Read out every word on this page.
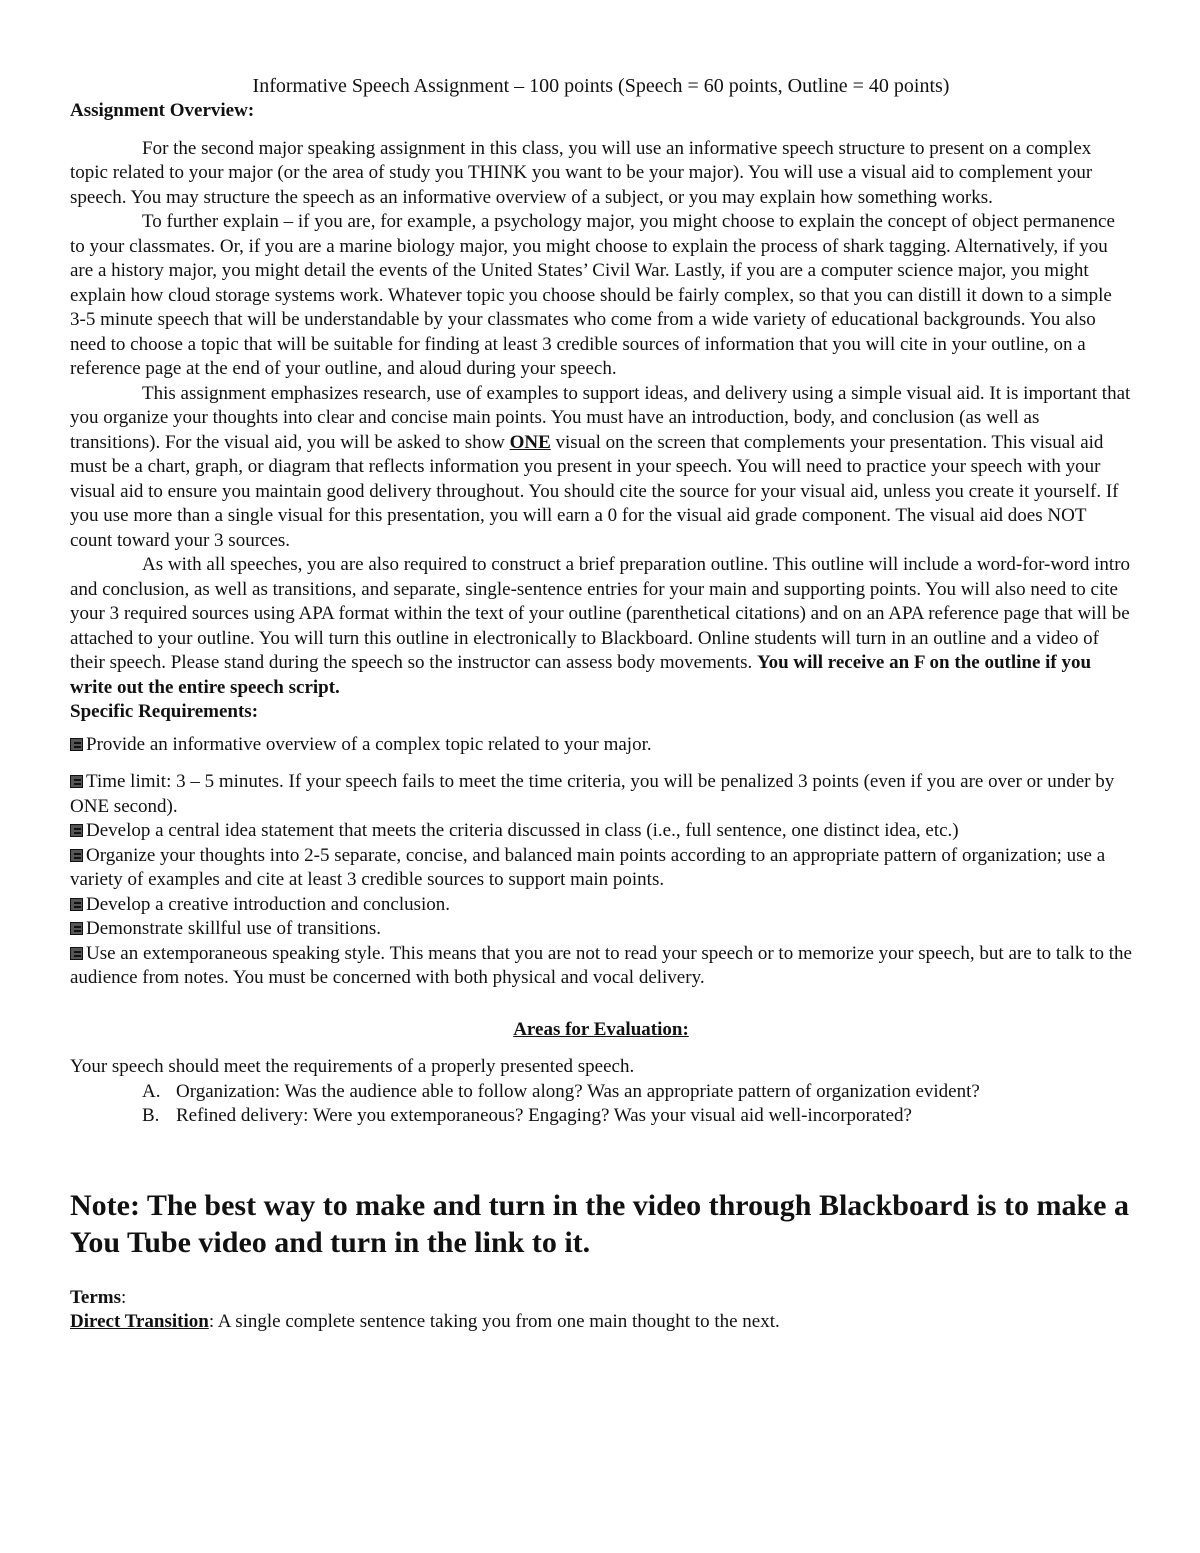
Informative Speech Assignment – 100 points (Speech = 60 points, Outline = 40 points)

Assignment Overview:

For the second major speaking assignment in this class, you will use an informative speech structure to present on a complex topic related to your major (or the area of study you THINK you want to be your major). You will use a visual aid to complement your speech. You may structure the speech as an informative overview of a subject, or you may explain how something works.

To further explain – if you are, for example, a psychology major, you might choose to explain the concept of object permanence to your classmates. Or, if you are a marine biology major, you might choose to explain the process of shark tagging. Alternatively, if you are a history major, you might detail the events of the United States’ Civil War. Lastly, if you are a computer science major, you might explain how cloud storage systems work. Whatever topic you choose should be fairly complex, so that you can distill it down to a simple 3-5 minute speech that will be understandable by your classmates who come from a wide variety of educational backgrounds. You also need to choose a topic that will be suitable for finding at least 3 credible sources of information that you will cite in your outline, on a reference page at the end of your outline, and aloud during your speech.

This assignment emphasizes research, use of examples to support ideas, and delivery using a simple visual aid. It is important that you organize your thoughts into clear and concise main points. You must have an introduction, body, and conclusion (as well as transitions). For the visual aid, you will be asked to show ONE visual on the screen that complements your presentation. This visual aid must be a chart, graph, or diagram that reflects information you present in your speech. You will need to practice your speech with your visual aid to ensure you maintain good delivery throughout. You should cite the source for your visual aid, unless you create it yourself. If you use more than a single visual for this presentation, you will earn a 0 for the visual aid grade component. The visual aid does NOT count toward your 3 sources.

As with all speeches, you are also required to construct a brief preparation outline. This outline will include a word-for-word intro and conclusion, as well as transitions, and separate, single-sentence entries for your main and supporting points. You will also need to cite your 3 required sources using APA format within the text of your outline (parenthetical citations) and on an APA reference page that will be attached to your outline. You will turn this outline in electronically to Blackboard. Online students will turn in an outline and a video of their speech. Please stand during the speech so the instructor can assess body movements. You will receive an F on the outline if you write out the entire speech script.

Specific Requirements:

Provide an informative overview of a complex topic related to your major.
Time limit: 3 – 5 minutes. If your speech fails to meet the time criteria, you will be penalized 3 points (even if you are over or under by ONE second).
Develop a central idea statement that meets the criteria discussed in class (i.e., full sentence, one distinct idea, etc.)
Organize your thoughts into 2-5 separate, concise, and balanced main points according to an appropriate pattern of organization; use a variety of examples and cite at least 3 credible sources to support main points.
Develop a creative introduction and conclusion.
Demonstrate skillful use of transitions.
Use an extemporaneous speaking style. This means that you are not to read your speech or to memorize your speech, but are to talk to the audience from notes. You must be concerned with both physical and vocal delivery.

Areas for Evaluation:

Your speech should meet the requirements of a properly presented speech.

A. Organization: Was the audience able to follow along? Was an appropriate pattern of organization evident?
B. Refined delivery: Were you extemporaneous? Engaging? Was your visual aid well-incorporated?

Note: The best way to make and turn in the video through Blackboard is to make a You Tube video and turn in the link to it.

Terms:

Direct Transition: A single complete sentence taking you from one main thought to the next.
